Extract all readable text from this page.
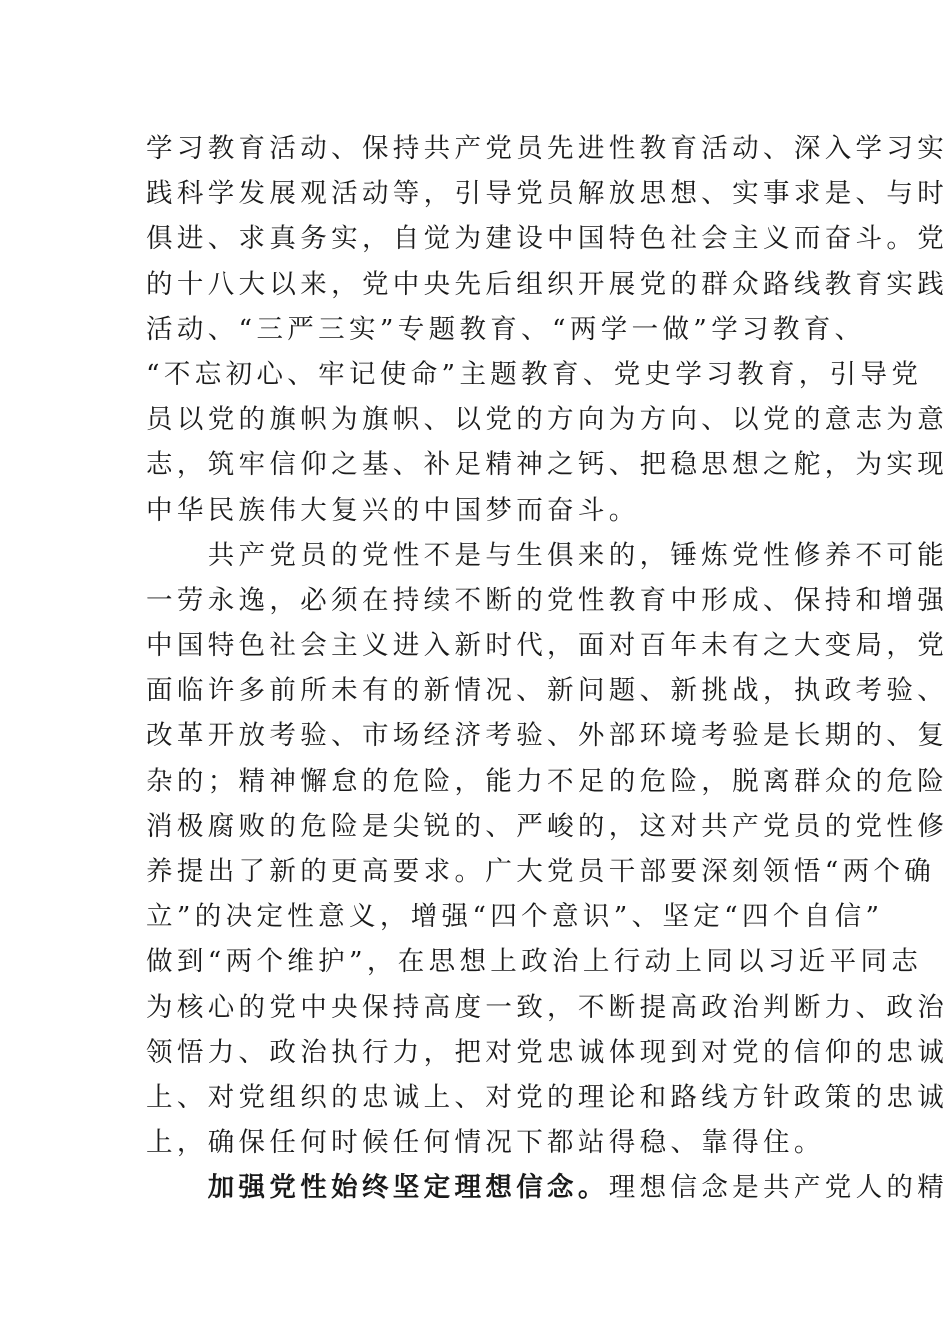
学习教育活动、保持共产党员先进性教育活动、深入学习实
践科学发展观活动等，引导党员解放思想、实事求是、与时
俱进、求真务实，自觉为建设中国特色社会主义而奋斗。党
的十八大以来，党中央先后组织开展党的群众路线教育实践
活动、“三严三实”专题教育、“两学一做”学习教育、
“不忘初心、牢记使命”主题教育、党史学习教育，引导党
员以党的旗帜为旗帜、以党的方向为方向、以党的意志为意
志，筑牢信仰之基、补足精神之钙、把稳思想之舵，为实现
中华民族伟大复兴的中国梦而奋斗。
　　共产党员的党性不是与生俱来的，锤炼党性修养不可能
一劳永逸，必须在持续不断的党性教育中形成、保持和增强
中国特色社会主义进入新时代，面对百年未有之大变局，党
面临许多前所未有的新情况、新问题、新挑战，执政考验、
改革开放考验、市场经济考验、外部环境考验是长期的、复
杂的；精神懈怠的危险，能力不足的危险，脱离群众的危险
消极腐败的危险是尖锐的、严峻的，这对共产党员的党性修
养提出了新的更高要求。广大党员干部要深刻领悟“两个确
立”的决定性意义，增强“四个意识”、坚定“四个自信”
做到“两个维护”，在思想上政治上行动上同以习近平同志
为核心的党中央保持高度一致，不断提高政治判断力、政治
领悟力、政治执行力，把对党忠诚体现到对党的信仰的忠诚
上、对党组织的忠诚上、对党的理论和路线方针政策的忠诚
上，确保任何时候任何情况下都站得稳、靠得住。
　　加强党性始终坚定理想信念。理想信念是共产党人的精
